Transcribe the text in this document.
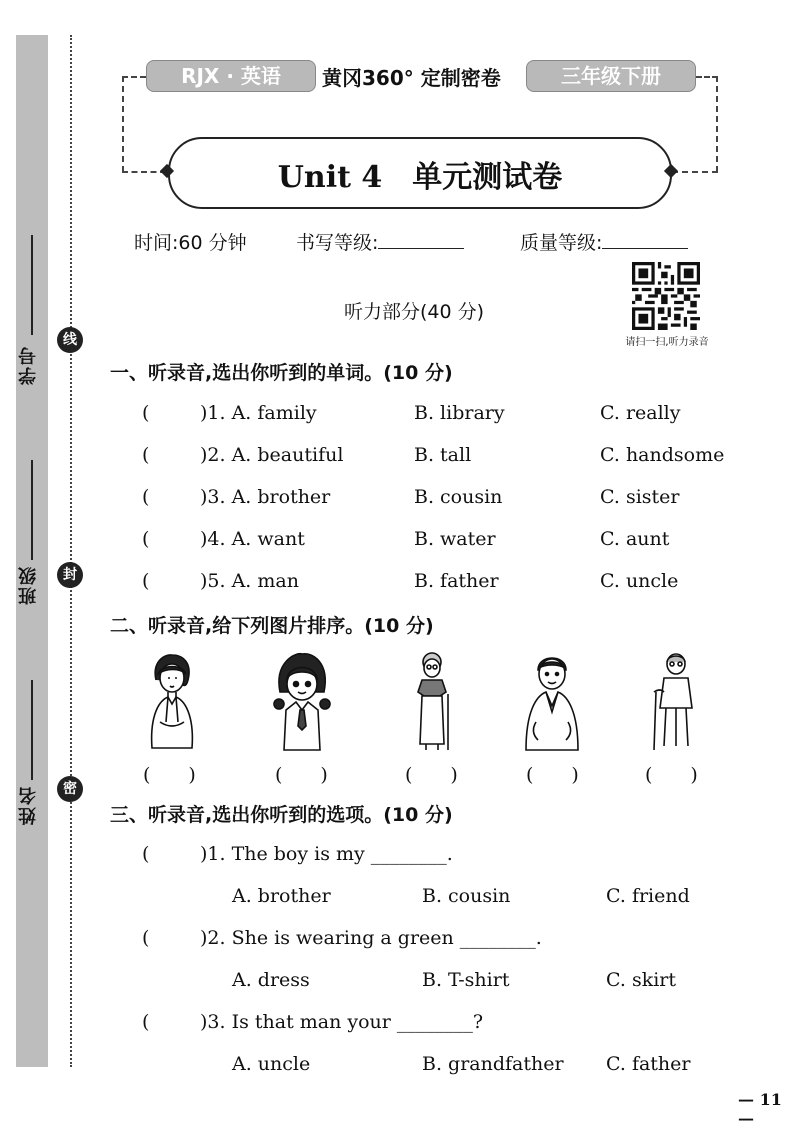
学号
班级
姓名
线
封
密
RJX · 英语	黄冈360° 定制密卷	三年级下册
Unit 4　单元测试卷
时间:60 分钟	书写等级:	质量等级:
请扫一扫,听力录音
听力部分(40 分)
一、听录音,选出你听到的单词。(10 分)
(	)1. A. family	B. library	C. really
(	)2. A. beautiful	B. tall	C. handsome
(	)3. A. brother	B. cousin	C. sister
(	)4. A. want	B. water	C. aunt
(	)5. A. man	B. father	C. uncle
二、听录音,给下列图片排序。(10 分)
(　　)	(　　)	(　　)	(　　)	(　　)
三、听录音,选出你听到的选项。(10 分)
(	)1. The boy is my ________.
A. brother	B. cousin	C. friend
(	)2. She is wearing a green ________.
A. dress	B. T-shirt	C. skirt
(	)3. Is that man your ________?
A. uncle	B. grandfather C. father
— 11 —
